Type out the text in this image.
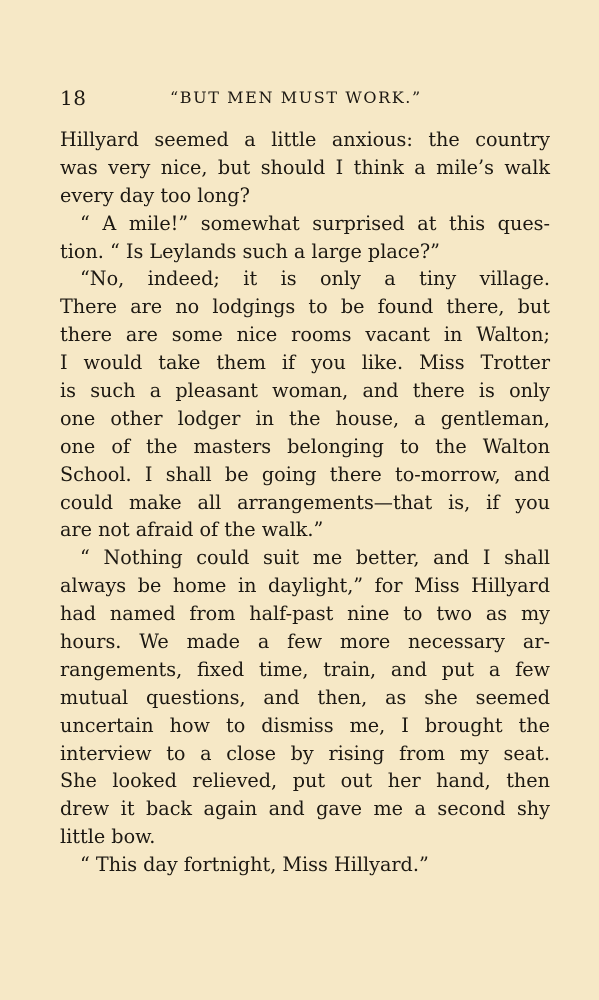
18	“BUT MEN MUST WORK.”
Hillyard seemed a little anxious: the country
was very nice, but should I think a mile’s walk
every day too long?
“ A mile!” somewhat surprised at this ques-
tion. “ Is Leylands such a large place?”
“No, indeed; it is only a tiny village.
There are no lodgings to be found there, but
there are some nice rooms vacant in Walton;
I would take them if you like. Miss Trotter
is such a pleasant woman, and there is only
one other lodger in the house, a gentleman,
one of the masters belonging to the Walton
School. I shall be going there to-morrow, and
could make all arrangements—that is, if you
are not afraid of the walk.”
“ Nothing could suit me better, and I shall
always be home in daylight,” for Miss Hillyard
had named from half-past nine to two as my
hours. We made a few more necessary ar-
rangements, fixed time, train, and put a few
mutual questions, and then, as she seemed
uncertain how to dismiss me, I brought the
interview to a close by rising from my seat.
She looked relieved, put out her hand, then
drew it back again and gave me a second shy
little bow.
“ This day fortnight, Miss Hillyard.”
